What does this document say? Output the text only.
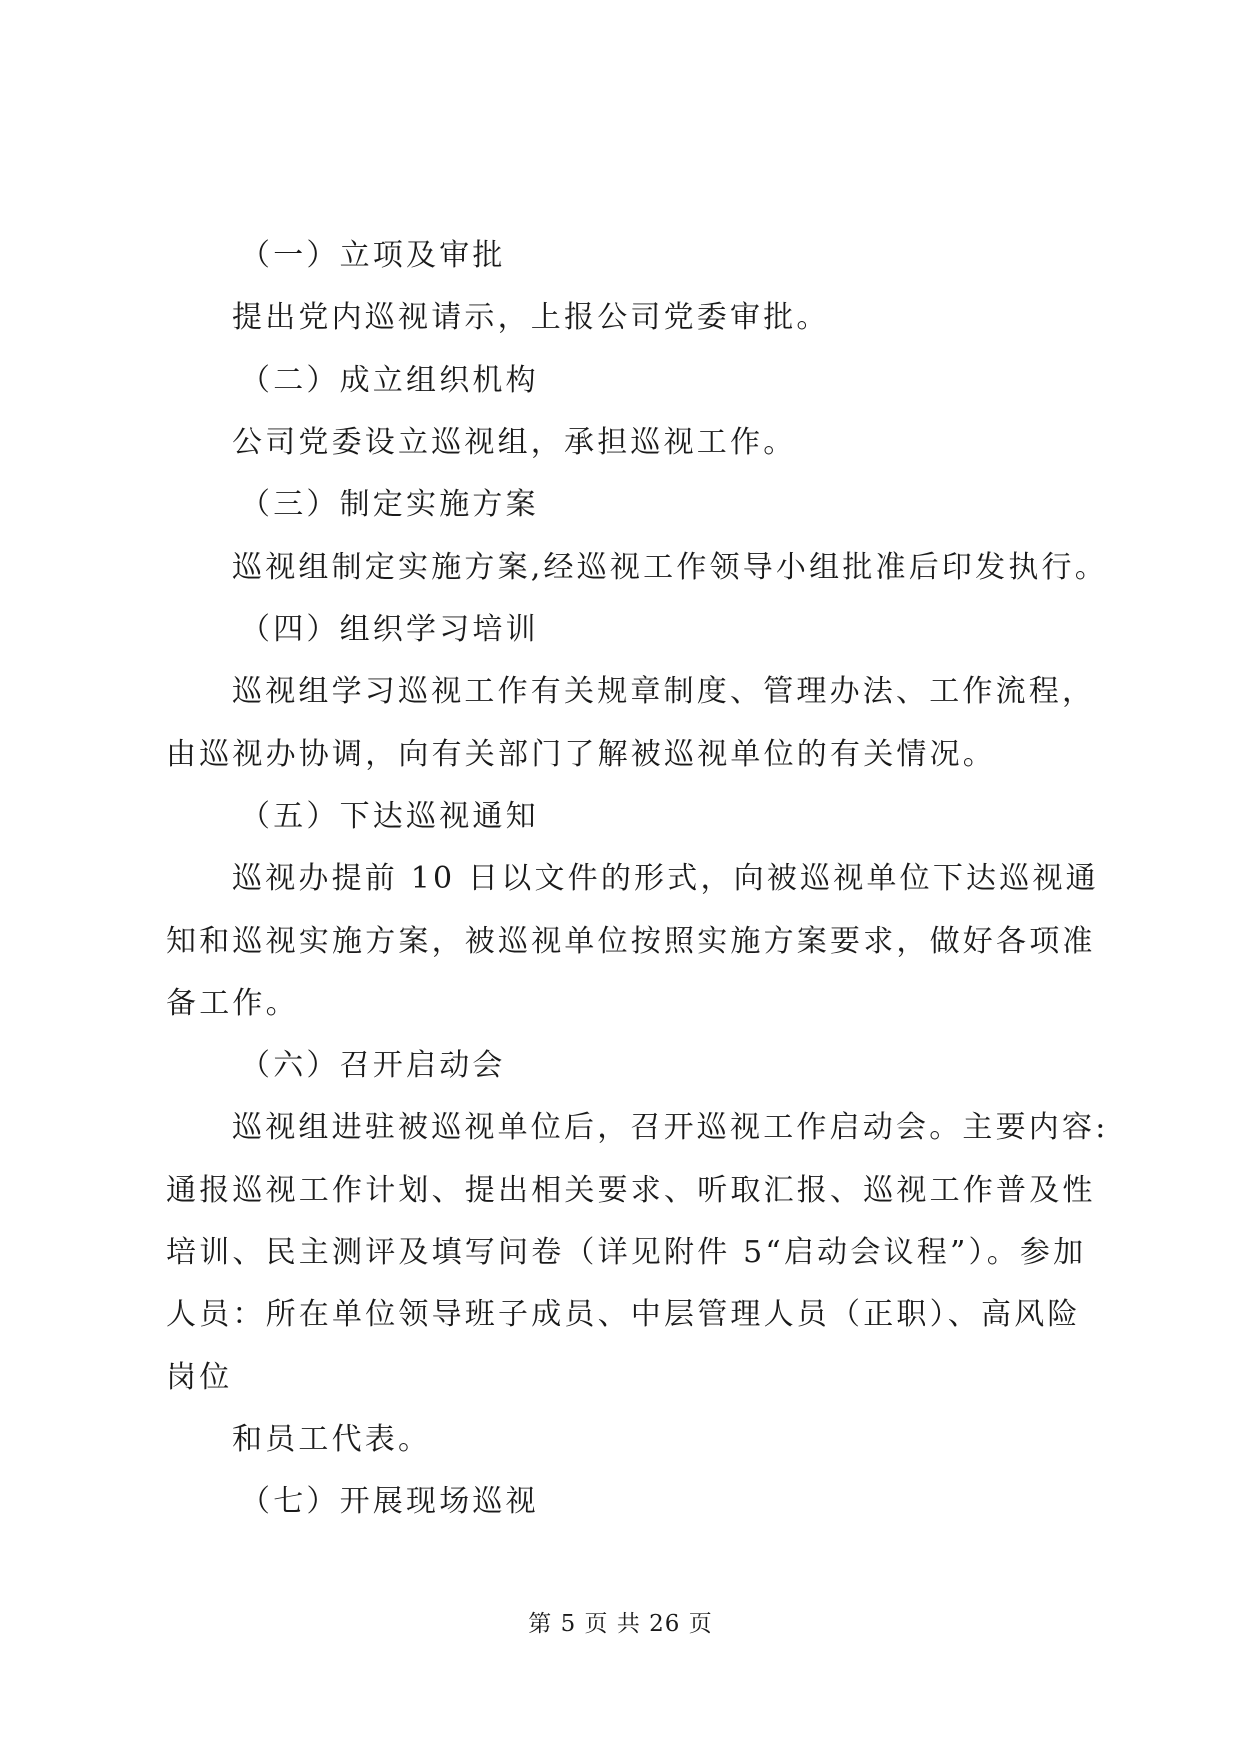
（一）立项及审批
提出党内巡视请示，上报公司党委审批。
（二）成立组织机构
公司党委设立巡视组，承担巡视工作。
（三）制定实施方案
巡视组制定实施方案,经巡视工作领导小组批准后印发执行。
（四）组织学习培训
巡视组学习巡视工作有关规章制度、管理办法、工作流程，
由巡视办协调，向有关部门了解被巡视单位的有关情况。
（五）下达巡视通知
巡视办提前 10 日以文件的形式，向被巡视单位下达巡视通
知和巡视实施方案，被巡视单位按照实施方案要求，做好各项准
备工作。
（六）召开启动会
巡视组进驻被巡视单位后，召开巡视工作启动会。主要内容:
通报巡视工作计划、提出相关要求、听取汇报、巡视工作普及性
培训、民主测评及填写问卷（详见附件 5“启动会议程”）。参加
人员：所在单位领导班子成员、中层管理人员（正职）、高风险
岗位
和员工代表。
（七）开展现场巡视
第 5 页 共 26 页
